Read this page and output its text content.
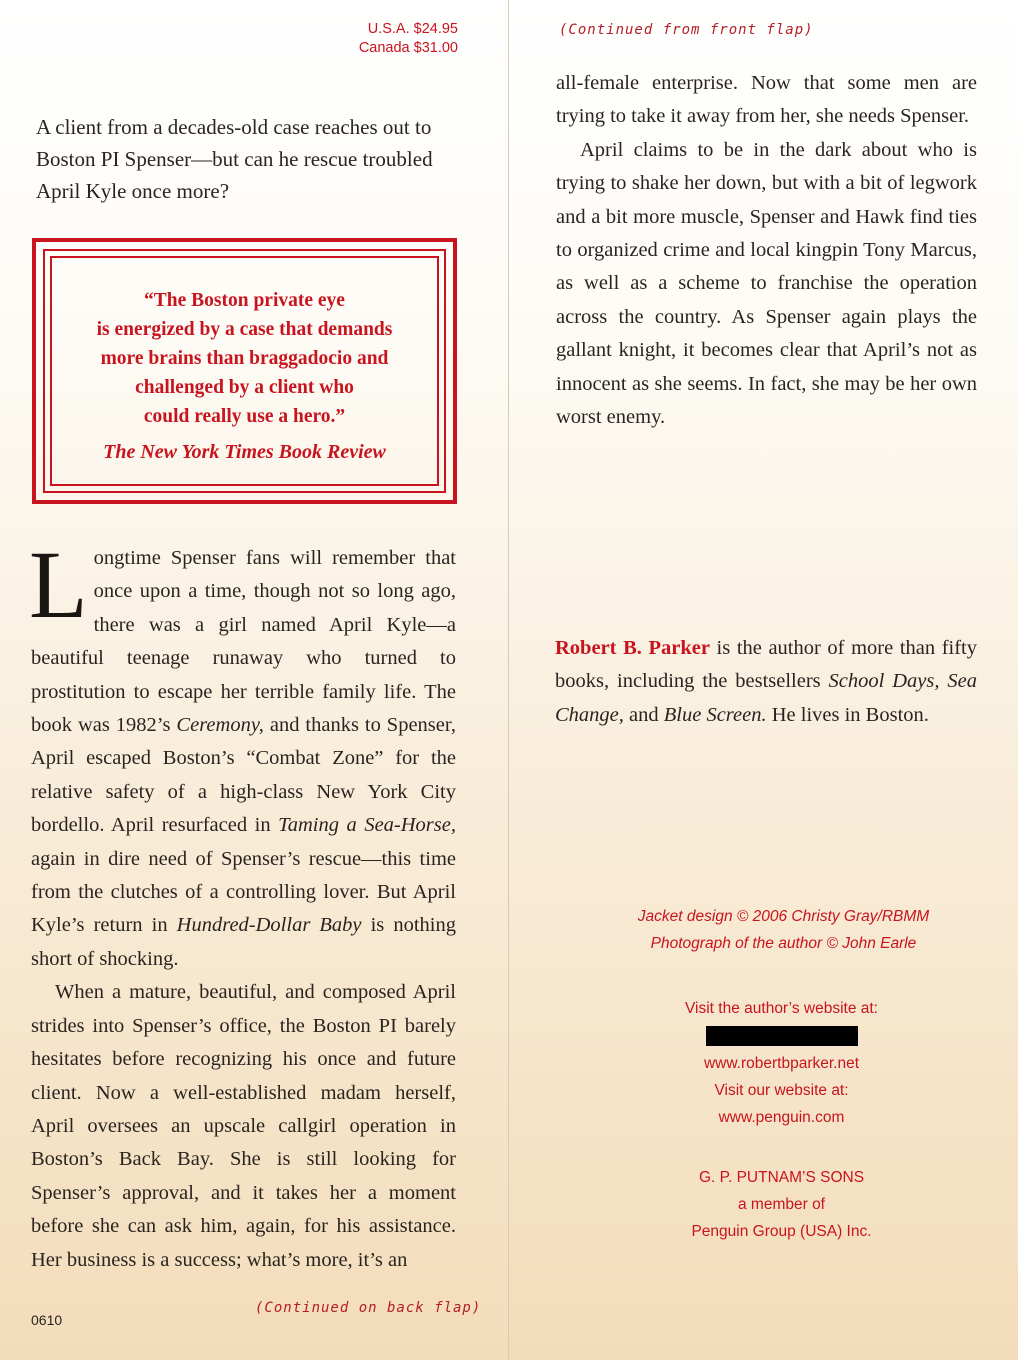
U.S.A. $24.95
Canada $31.00
A client from a decades-old case reaches out to Boston PI Spenser—but can he rescue troubled April Kyle once more?
“The Boston private eye
is energized by a case that demands
more brains than braggadocio and
challenged by a client who
could really use a hero.”
The New York Times Book Review

Longtime Spenser fans will remember that once upon a time, though not so long ago, there was a girl named April Kyle—a beautiful teenage runaway who turned to prostitution to escape her terrible family life. The book was 1982’s Ceremony, and thanks to Spenser, April escaped Boston’s “Combat Zone” for the relative safety of a high-class New York City bordello. April resurfaced in Taming a Sea-Horse, again in dire need of Spenser’s rescue—this time from the clutches of a controlling lover. But April Kyle’s return in Hundred-Dollar Baby is nothing short of shocking.

When a mature, beautiful, and composed April strides into Spenser’s office, the Boston PI barely hesitates before recognizing his once and future client. Now a well-established madam herself, April oversees an upscale callgirl operation in Boston’s Back Bay. She is still looking for Spenser’s approval, and it takes her a moment before she can ask him, again, for his assistance. Her business is a success; what’s more, it’s an

(Continued on back flap)
0610
(Continued from front flap)

all-female enterprise. Now that some men are trying to take it away from her, she needs Spenser.

April claims to be in the dark about who is trying to shake her down, but with a bit of legwork and a bit more muscle, Spenser and Hawk find ties to organized crime and local kingpin Tony Marcus, as well as a scheme to franchise the operation across the country. As Spenser again plays the gallant knight, it becomes clear that April’s not as innocent as she seems. In fact, she may be her own worst enemy.

Robert B. Parker is the author of more than fifty books, including the bestsellers School Days, Sea Change, and Blue Screen. He lives in Boston.

Jacket design © 2006 Christy Gray/RBMM
Photograph of the author © John Earle
Visit the author’s website at:
www.robertbparker.net
Visit our website at:
www.penguin.com
G. P. PUTNAM’S SONS
a member of
Penguin Group (USA) Inc.
